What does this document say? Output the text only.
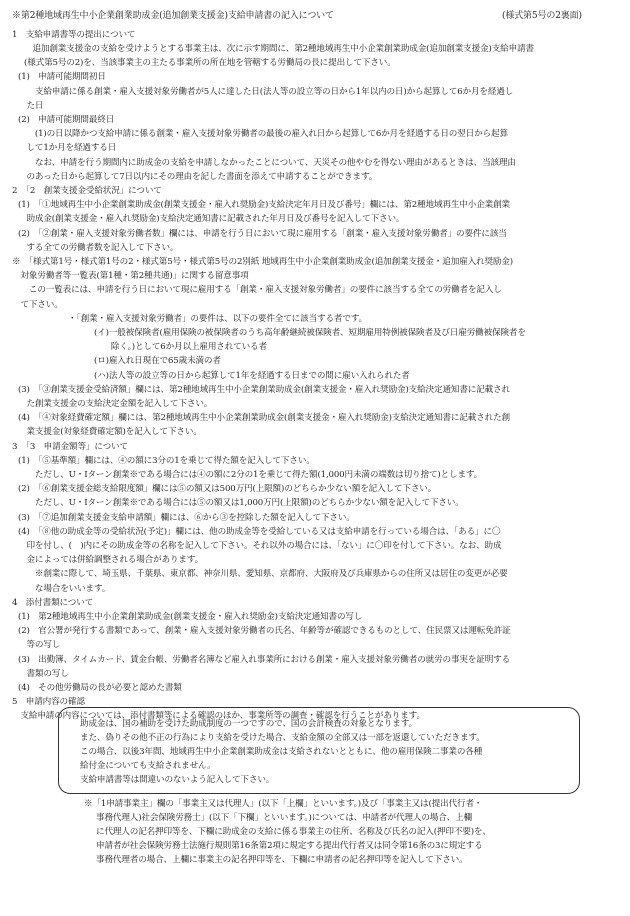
※第2種地域再生中小企業創業助成金(追加創業支援金)支給申請書の記入について	(様式第5号の2裏面)
1　支給申請書等の提出について
　追加創業支援金の支給を受けようとする事業主は、次に示す期間に、第2種地域再生中小企業創業助成金(追加創業支援金)支給申請書
(様式第5号の2)を、当該事業主の主たる事業所の所在地を管轄する労働局の長に提出して下さい。
(1)　申請可能期間初日
　　支給申請に係る創業・雇入支援対象労働者が5人に達した日(法人等の設立等の日から1年以内の日)から起算して6か月を経過し
　た日
(2)　申請可能期間最終日
　　(1)の日以降かつ支給申請に係る創業・雇入支援対象労働者の最後の雇入れ日から起算して6か月を経過する日の翌日から起算
　して1か月を経過する日
　　なお、申請を行う期間内に助成金の支給を申請しなかったことについて、天災その他やむを得ない理由があるときは、当該理由
　のあった日から起算して7日以内にその理由を記した書面を添えて申請することができます。
2　「2　創業支援金受給状況」について
(1)　「①地域再生中小企業創業助成金(創業支援金・雇入れ奨励金)支給決定年月日及び番号」欄には、第2種地域再生中小企業創業
　助成金(創業支援金・雇入れ奨励金)支給決定通知書に記載された年月日及び番号を記入して下さい。
(2)　「②創業・雇入支援対象労働者数」欄には、申請を行う日において現に雇用する「創業・雇入支援対象労働者」の要件に該当
　する全ての労働者数を記入して下さい。
※　「様式第1号・様式第1号の2・様式第5号・様式第5号の2別紙 地域再生中小企業創業助成金(追加創業支援金・追加雇入れ奨励金)
　対象労働者等一覧表(第1種・第2種共通)」に関する留意事項
　　この一覧表には、申請を行う日において現に雇用する「創業・雇入支援対象労働者」の要件に該当する全ての労働者を記入し
　て下さい。
・「創業・雇入支援対象労働者」の要件は、以下の要件全てに該当する者です。
(イ)一般被保険者(雇用保険の被保険者のうち高年齢継続被保険者、短期雇用特例被保険者及び日雇労働被保険者を
　　除く。)として6か月以上雇用されている者
(ロ)雇入れ日現在で65歳未満の者
(ハ)法人等の設立等の日から起算して1年を経過する日までの間に雇い入れられた者
(3)　「③創業支援金受給済額」欄には、第2種地域再生中小企業創業助成金(創業支援金・雇入れ奨励金)支給決定通知書に記載され
　た創業支援金の支給決定金額を記入して下さい。
(4)　「④対象経費確定額」欄には、第2種地域再生中小企業創業助成金(創業支援金・雇入れ奨励金)支給決定通知書に記載された創
　業支援金(対象経費確定額)を記入して下さい。
3　「3　申請金額等」について
(1)　「⑤基準額」欄には、④の額に3分の1を乗じて得た額を記入して下さい。
　　ただし、U・Iターン創業※である場合には④の額に2分の1を乗じて得た額(1,000円未満の端数は切り捨て)とします。
(2)　「⑥創業支援金総支給限度額」欄には⑤の額又は500万円(上限額)のどちらか少ない額を記入して下さい。
　　ただし、U・Iターン創業※である場合には⑤の額又は1,000万円(上限額)のどちらか少ない額を記入して下さい。
(3)　「⑦追加創業支援金支給申請額」欄には、⑥から③を控除した額を記入して下さい。
(4)　「⑧他の助成金等の受給状況(予定)」欄には、他の助成金等を受給している又は支給申請を行っている場合は、「ある」に〇
　印を付し、(　)内にその助成金等の名称を記入して下さい。それ以外の場合には、「ない」に〇印を付して下さい。なお、助成
　金によっては併給調整される場合があります。
　　※創業に際して、埼玉県、千葉県、東京都、神奈川県、愛知県、京都府、大阪府及び兵庫県からの住所又は居住の変更が必要
　　な場合をいいます。
4　添付書類について
(1)　第2種地域再生中小企業創業助成金(創業支援金・雇入れ奨励金)支給決定通知書の写し
(2)　官公署が発行する書類であって、創業・雇入支援対象労働者の氏名、年齢等が確認できるものとして、住民票又は運転免許証
　等の写し
(3)　出勤簿、タイムカード、賃金台帳、労働者名簿など雇入れ事業所における創業・雇入支援対象労働者の就労の事実を証明する
　書類の写し
(4)　その他労働局の長が必要と認めた書類
5　申請内容の確認
　支給申請の内容については、添付書類等による確認のほか、事業所等の調査・確認を行うことがあります。
助成金は、国の補助を受けた助成制度の一つですので、国の会計検査の対象となります。
また、偽りその他不正の行為により支給を受けた場合、支給金額の全部又は一部を返還していただきます。
この場合、以後3年間、地域再生中小企業創業助成金は支給されないとともに、他の雇用保険二事業の各種
給付金についても支給されません。
支給申請書等は間違いのないよう記入して下さい。
※「1申請事業主」欄の「事業主又は代理人」(以下「上欄」といいます。)及び「事業主又は(提出代行者・
事務代理人)社会保険労務士」(以下「下欄」といいます。)については、申請者が代理人の場合、上欄
に代理人の記名押印等を、下欄に助成金の支給に係る事業主の住所、名称及び氏名の記入(押印不要)を、
申請者が社会保険労務士法施行規則第16条第2項に規定する提出代行者又は同令第16条の3に規定する
事務代理者の場合、上欄に事業主の記名押印等を、下欄に申請者の記名押印等を記入して下さい。
